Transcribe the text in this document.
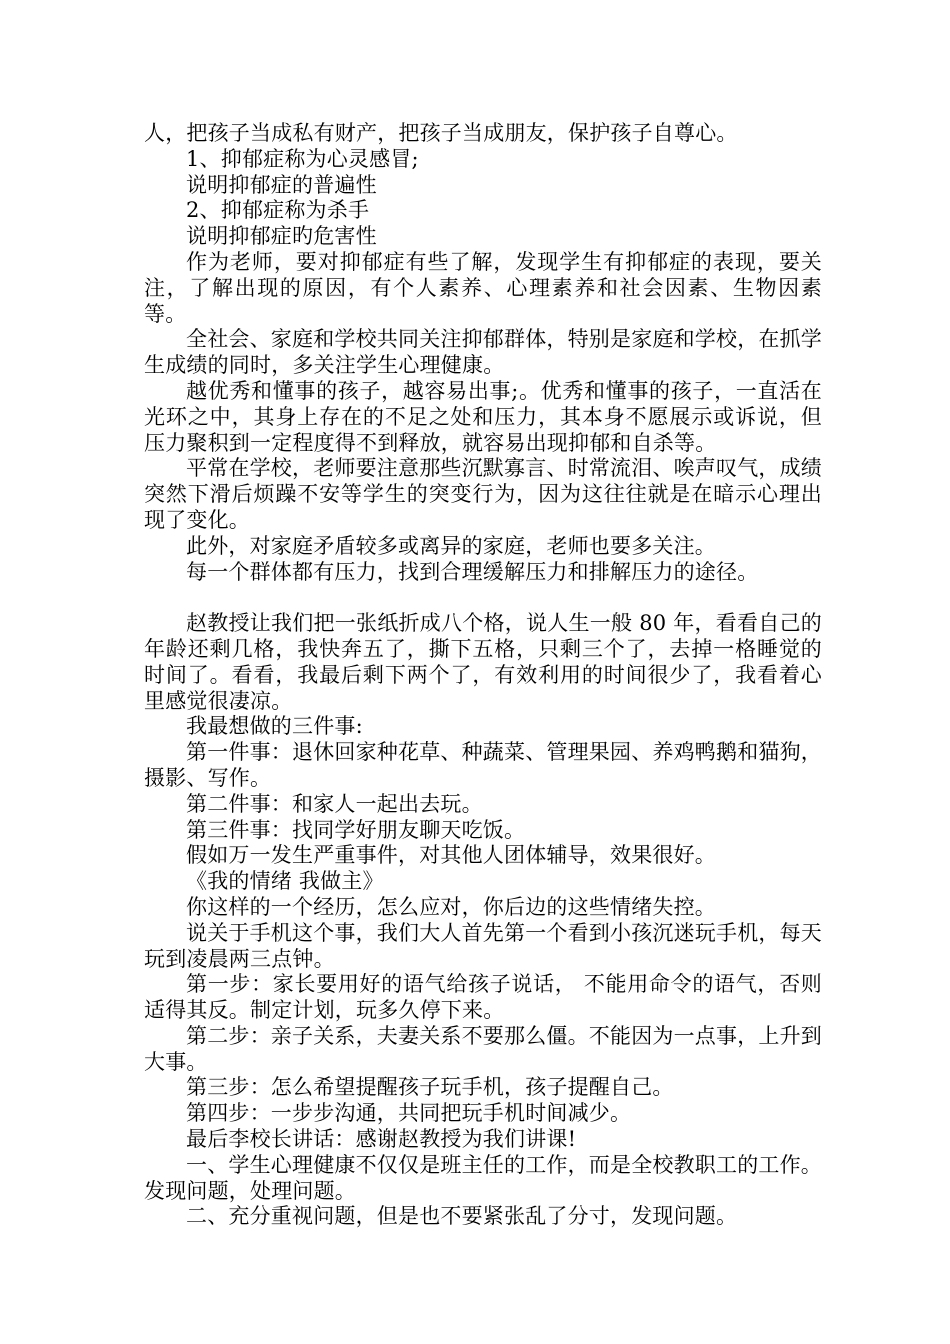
人，把孩子当成私有财产，把孩子当成朋友，保护孩子自尊心。

1、抑郁症称为心灵感冒;

说明抑郁症的普遍性

2、抑郁症称为杀手

说明抑郁症旳危害性

作为老师，要对抑郁症有些了解，发现学生有抑郁症的表现，要关注，了解出现的原因，有个人素养、心理素养和社会因素、生物因素等。

全社会、家庭和学校共同关注抑郁群体，特别是家庭和学校，在抓学生成绩的同时，多关注学生心理健康。

越优秀和懂事的孩子，越容易出事;。优秀和懂事的孩子，一直活在光环之中，其身上存在的不足之处和压力，其本身不愿展示或诉说，但压力聚积到一定程度得不到释放，就容易出现抑郁和自杀等。

平常在学校，老师要注意那些沉默寡言、时常流泪、唉声叹气，成绩突然下滑后烦躁不安等学生的突变行为，因为这往往就是在暗示心理出现了变化。

此外，对家庭矛盾较多或离异的家庭，老师也要多关注。

每一个群体都有压力，找到合理缓解压力和排解压力的途径。

赵教授让我们把一张纸折成八个格，说人生一般 80 年，看看自己的年龄还剩几格，我快奔五了，撕下五格，只剩三个了，去掉一格睡觉的时间了。看看，我最后剩下两个了，有效利用的时间很少了，我看着心里感觉很凄凉。

我最想做的三件事:

第一件事：退休回家种花草、种蔬菜、管理果园、养鸡鸭鹅和猫狗，摄影、写作。

第二件事：和家人一起出去玩。

第三件事：找同学好朋友聊天吃饭。

假如万一发生严重事件，对其他人团体辅导，效果很好。

《我的情绪 我做主》

你这样的一个经历，怎么应对，你后边的这些情绪失控。

说关于手机这个事，我们大人首先第一个看到小孩沉迷玩手机，每天玩到凌晨两三点钟。

第一步：家长要用好的语气给孩子说话， 不能用命令的语气，否则适得其反。制定计划，玩多久停下来。

第二步：亲子关系，夫妻关系不要那么僵。不能因为一点事，上升到大事。

第三步：怎么希望提醒孩子玩手机，孩子提醒自己。

第四步：一步步沟通，共同把玩手机时间减少。

最后李校长讲话：感谢赵教授为我们讲课!

一、学生心理健康不仅仅是班主任的工作，而是全校教职工的工作。发现问题，处理问题。

二、充分重视问题，但是也不要紧张乱了分寸，发现问题。
